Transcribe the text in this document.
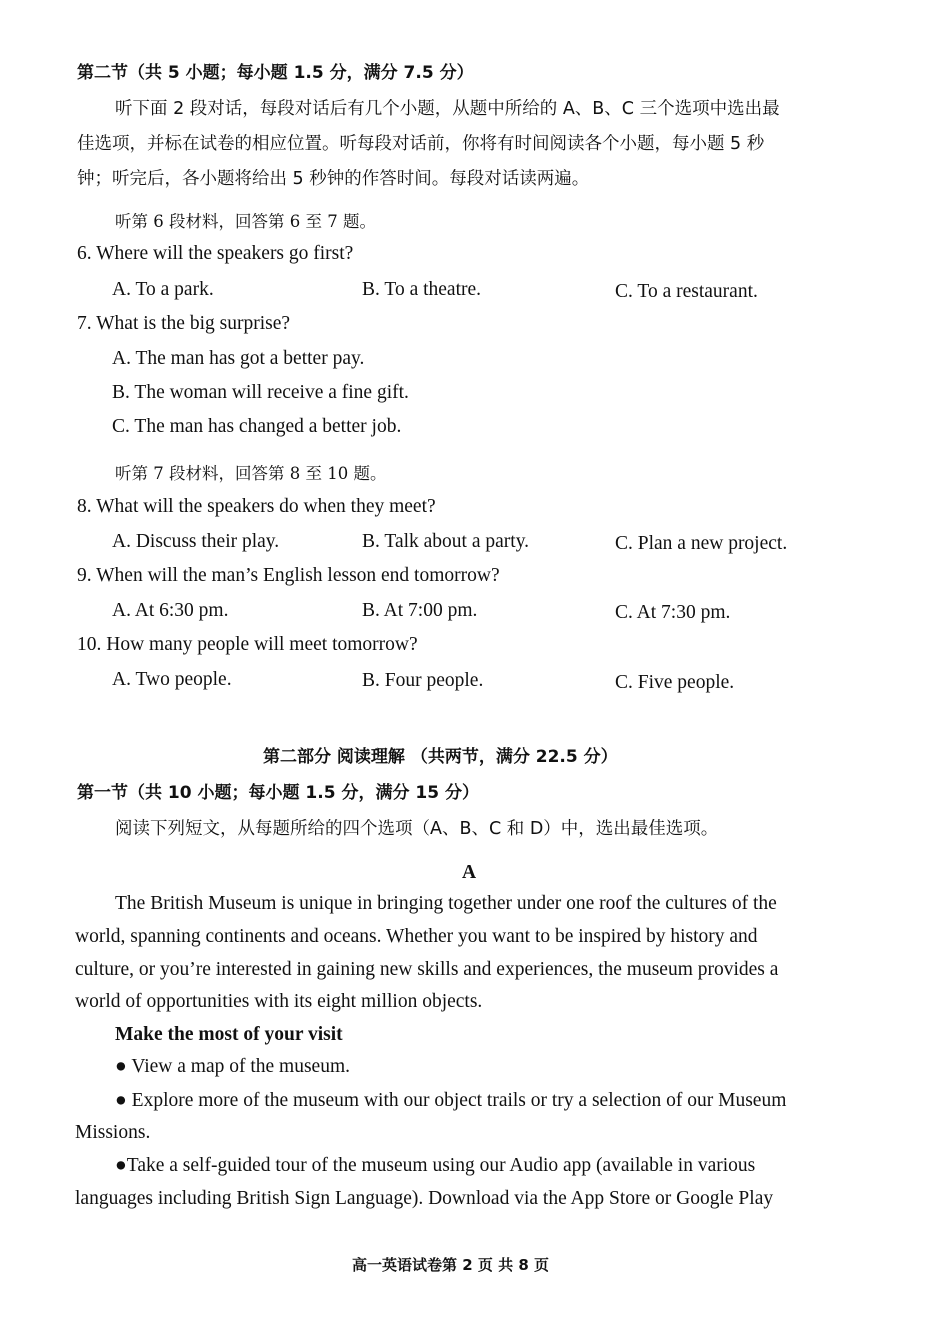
第二节（共 5 小题；每小题 1.5 分，满分 7.5 分）
听下面 2 段对话，每段对话后有几个小题，从题中所给的 A、B、C 三个选项中选出最
佳选项，并标在试卷的相应位置。听每段对话前，你将有时间阅读各个小题，每小题 5 秒
钟；听完后，各小题将给出 5 秒钟的作答时间。每段对话读两遍。
听第 6 段材料，回答第 6 至 7 题。
6. Where will the speakers go first?
A. To a park.	B. To a theatre.	C. To a restaurant.
7. What is the big surprise?
A. The man has got a better pay.
B. The woman will receive a fine gift.
C. The man has changed a better job.
听第 7 段材料，回答第 8 至 10 题。
8. What will the speakers do when they meet?
A. Discuss their play.	B. Talk about a party.	C. Plan a new project.
9. When will the man’s English lesson end tomorrow?
A. At 6:30 pm.	B. At 7:00 pm.	C. At 7:30 pm.
10. How many people will meet tomorrow?
A. Two people.	B. Four people.	C. Five people.
第二部分 阅读理解 （共两节，满分 22.5 分）
第一节（共 10 小题；每小题 1.5 分，满分 15 分）
阅读下列短文，从每题所给的四个选项（A、B、C 和 D）中，选出最佳选项。
A
The British Museum is unique in bringing together under one roof the cultures of the
world, spanning continents and oceans. Whether you want to be inspired by history and
culture, or you’re interested in gaining new skills and experiences, the museum provides a
world of opportunities with its eight million objects.
Make the most of your visit
● View a map of the museum.
● Explore more of the museum with our object trails or try a selection of our Museum
Missions.
●Take a self-guided tour of the museum using our Audio app (available in various
languages including British Sign Language). Download via the App Store or Google Play
高一英语试卷第 2 页 共 8 页
